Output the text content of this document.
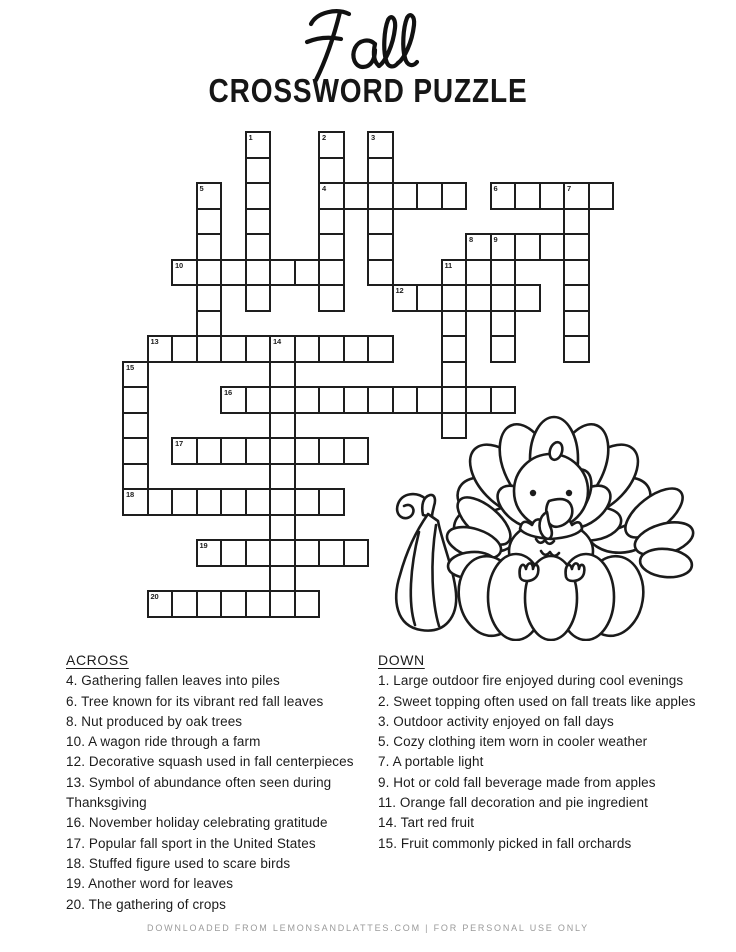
CROSSWORD PUZZLE
1	2
4
3
5	6	7
8	9
10	11
12
13	14
15
18
16
17
19
20
ACROSS
4. Gathering fallen leaves into piles
6. Tree known for its vibrant red fall leaves
8. Nut produced by oak trees
10. A wagon ride through a farm
12. Decorative squash used in fall centerpieces
13. Symbol of abundance often seen during Thanksgiving
16. November holiday celebrating gratitude
17. Popular fall sport in the United States
18. Stuffed figure used to scare birds
19. Another word for leaves
20. The gathering of crops
DOWN
1. Large outdoor fire enjoyed during cool evenings
2. Sweet topping often used on fall treats like apples
3. Outdoor activity enjoyed on fall days
5. Cozy clothing item worn in cooler weather
7. A portable light
9. Hot or cold fall beverage made from apples
11. Orange fall decoration and pie ingredient
14. Tart red fruit
15. Fruit commonly picked in fall orchards
DOWNLOADED FROM LEMONSANDLATTES.COM | FOR PERSONAL USE ONLY
